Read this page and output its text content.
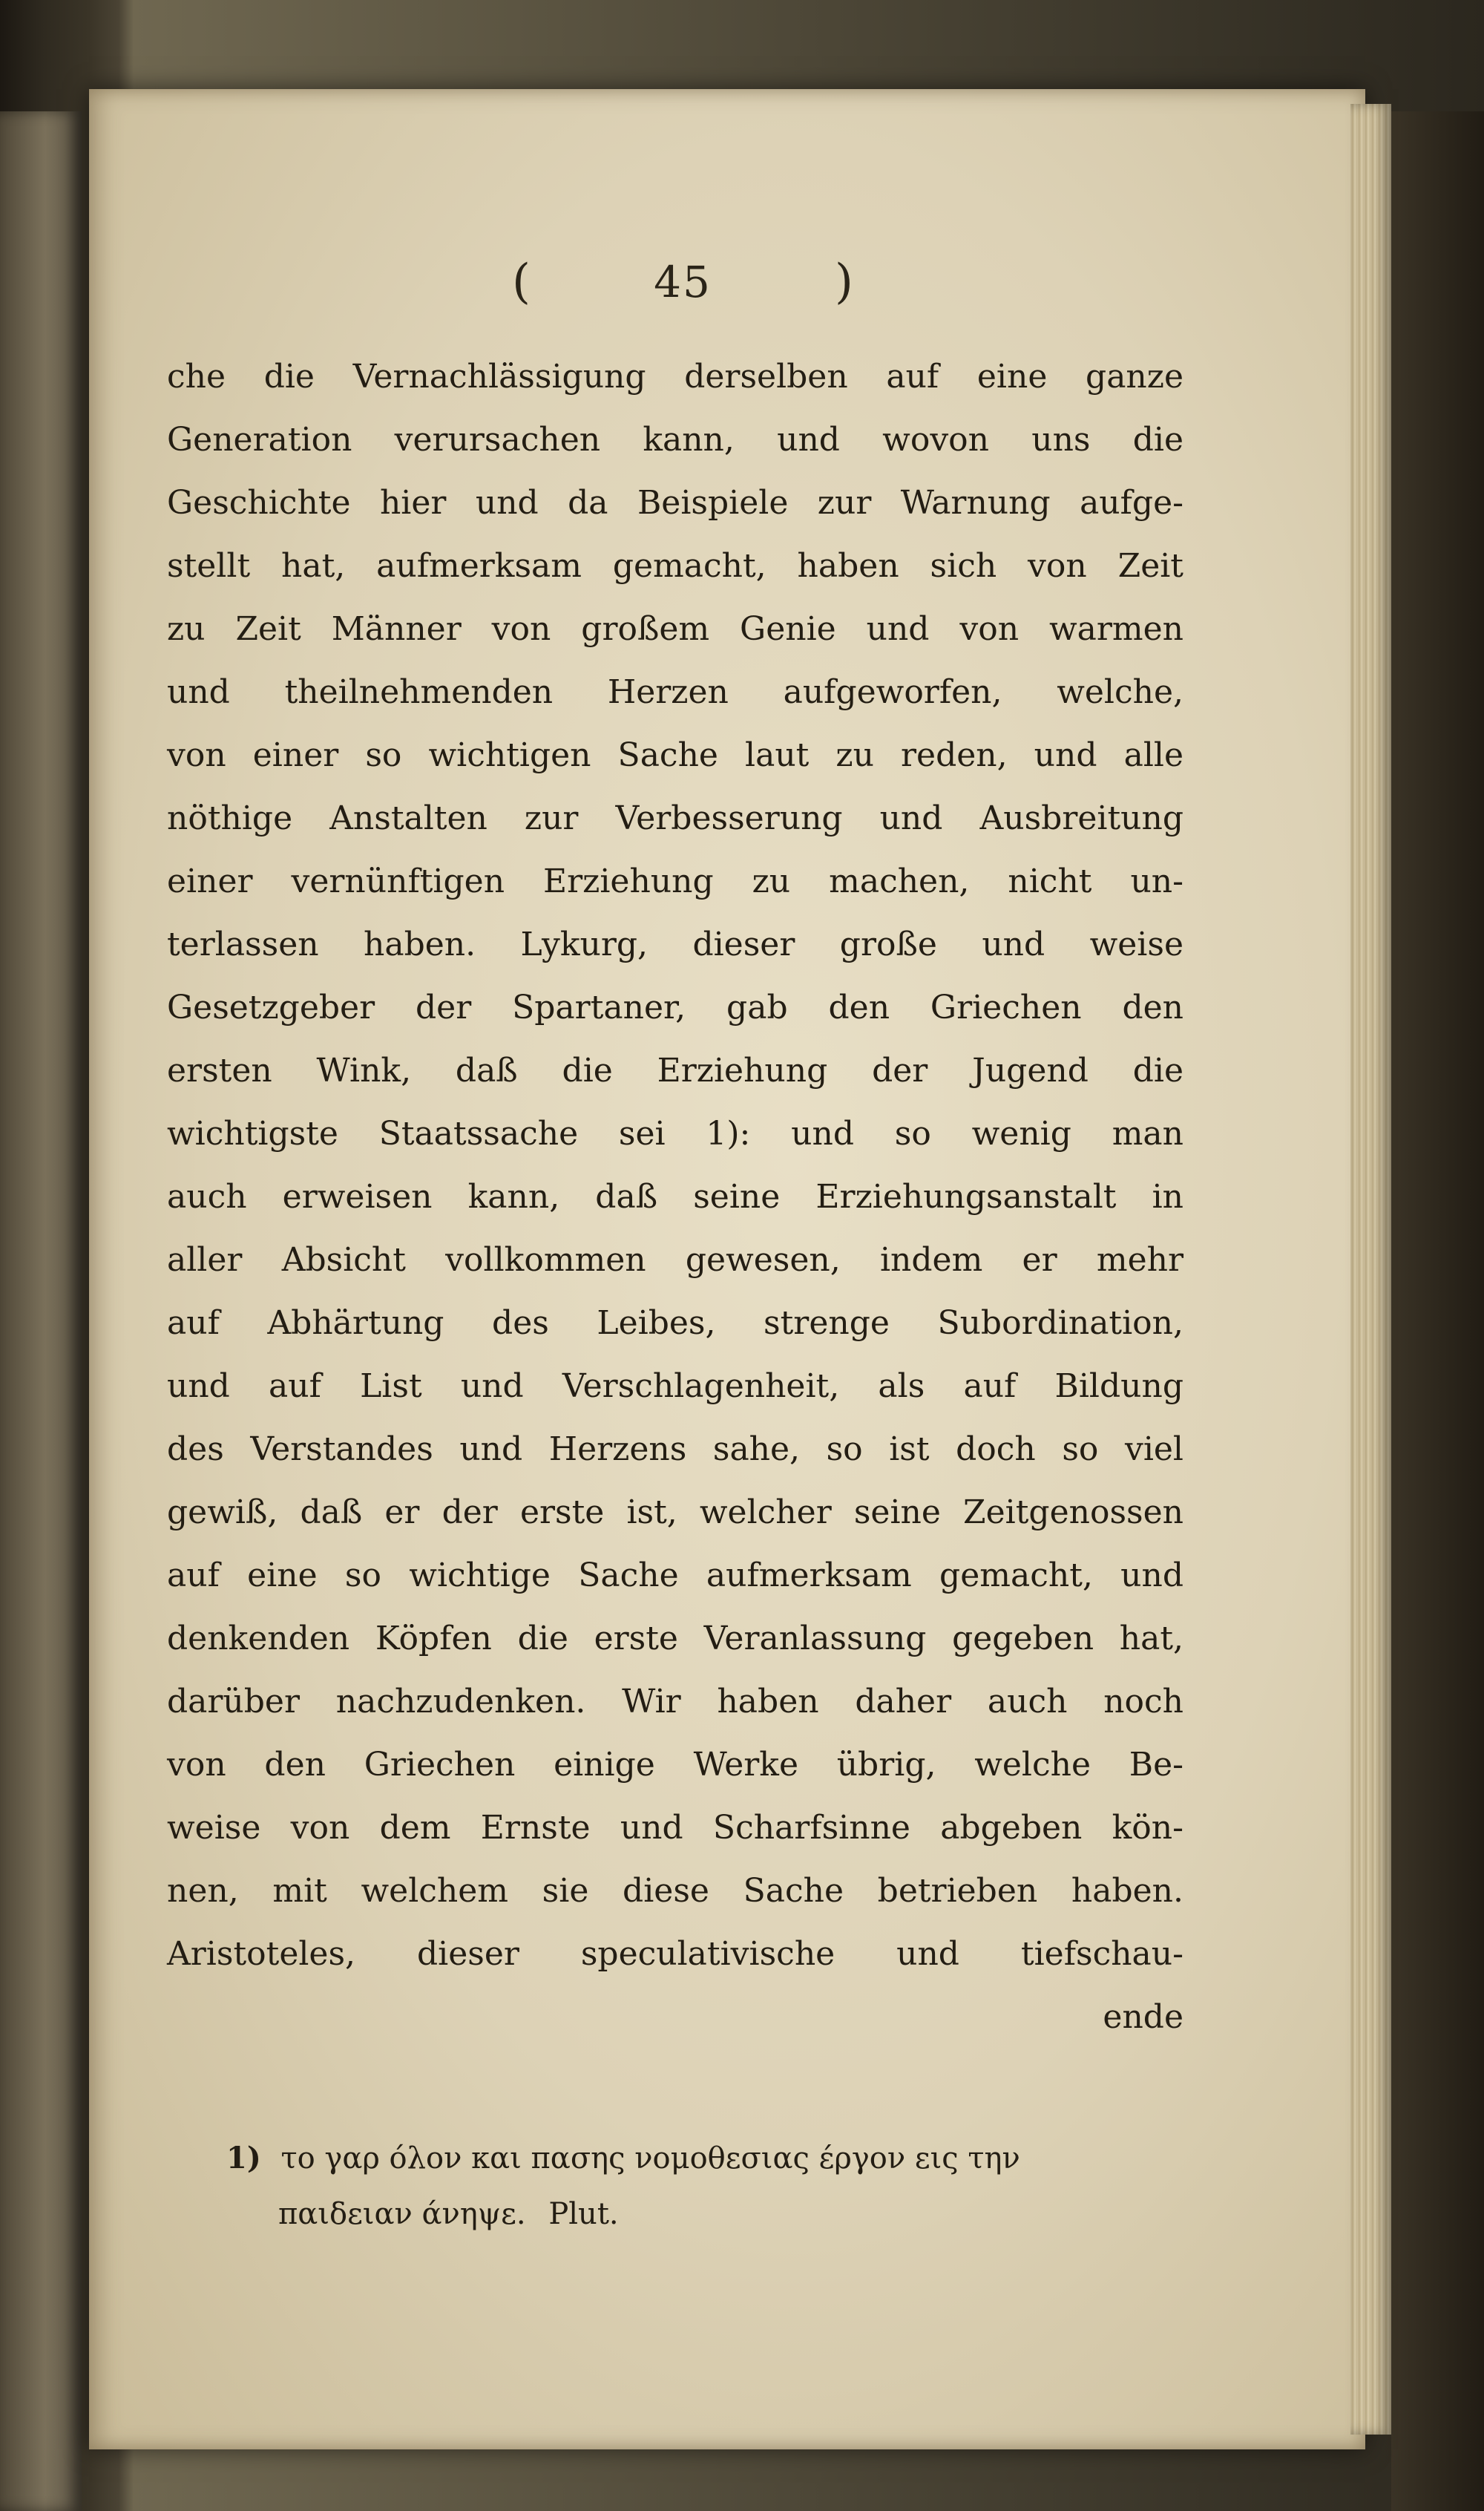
(	45	)
che die Vernachlässigung derselben auf eine ganze
Generation verursachen kann, und wovon uns die
Geschichte hier und da Beispiele zur Warnung aufge-
stellt hat, aufmerksam gemacht, haben sich von Zeit
zu Zeit Männer von großem Genie und von warmen
und theilnehmenden Herzen aufgeworfen, welche,
von einer so wichtigen Sache laut zu reden, und alle
nöthige Anstalten zur Verbesserung und Ausbreitung
einer vernünftigen Erziehung zu machen, nicht un-
terlassen haben. Lykurg, dieser große und weise
Gesetzgeber der Spartaner, gab den Griechen den
ersten Wink, daß die Erziehung der Jugend die
wichtigste Staatssache sei 1): und so wenig man
auch erweisen kann, daß seine Erziehungsanstalt in
aller Absicht vollkommen gewesen, indem er mehr
auf Abhärtung des Leibes, strenge Subordination,
und auf List und Verschlagenheit, als auf Bildung
des Verstandes und Herzens sahe, so ist doch so viel
gewiß, daß er der erste ist, welcher seine Zeitgenossen
auf eine so wichtige Sache aufmerksam gemacht, und
denkenden Köpfen die erste Veranlassung gegeben hat,
darüber nachzudenken. Wir haben daher auch noch
von den Griechen einige Werke übrig, welche Be-
weise von dem Ernste und Scharfsinne abgeben kön-
nen, mit welchem sie diese Sache betrieben haben.
Aristoteles, dieser speculativische und tiefschau-
ende
1) το γαρ όλον και πασης νομοθεσιας έργον εις την
παιδειαν άνηψε. Plut.
